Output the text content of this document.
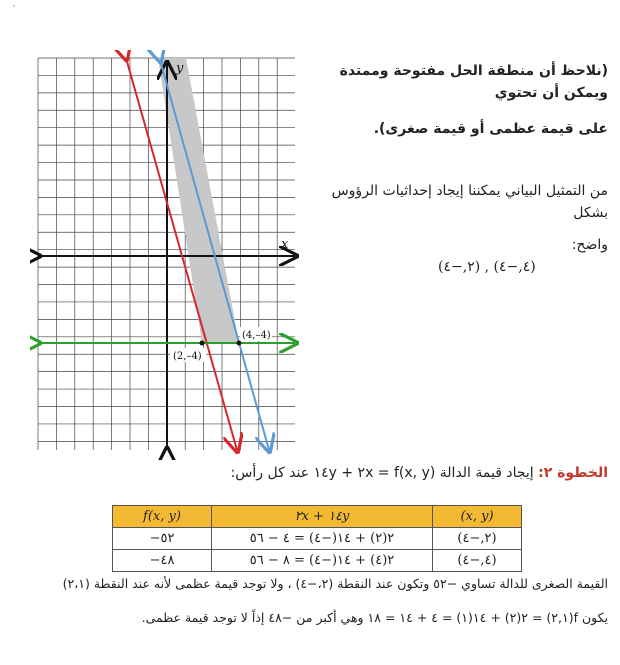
`
y
x
(2,–4)
(4,–4)
(نلاحظ أن منطقة الحل مفتوحة وممتدة ويمكن أن تحتوي
على قيمة عظمى أو قيمة صغرى).
من التمثيل البياني يمكننا إيجاد إحداثيات الرؤوس بشكل
واضح:
(٢,−٤) , (٤,−٤)
الخطوة ٢: إيجاد قيمة الدالة f(x, y) = ٢x + ١٤y عند كل رأس:
f(x, y)	٢x + ١٤y	(x, y)
−٥٢	٢(٢) + ١٤(−٤) = ٤ − ٥٦	(٢,−٤)
−٤٨	٢(٤) + ١٤(−٤) = ٨ − ٥٦	(٤,−٤)
القيمة الصغرى للدالة تساوي −٥٢ وتكون عند النقطة (٢،−٤) ، ولا توجد قيمة عظمى لأنه عند النقطة (٢،١)
يكون f(٢,١) = ٢(٢) + ١٤(١) = ٤ + ١٤ = ١٨ وهي أكبر من −٤٨ إذاً لا توجد قيمة عظمى.
